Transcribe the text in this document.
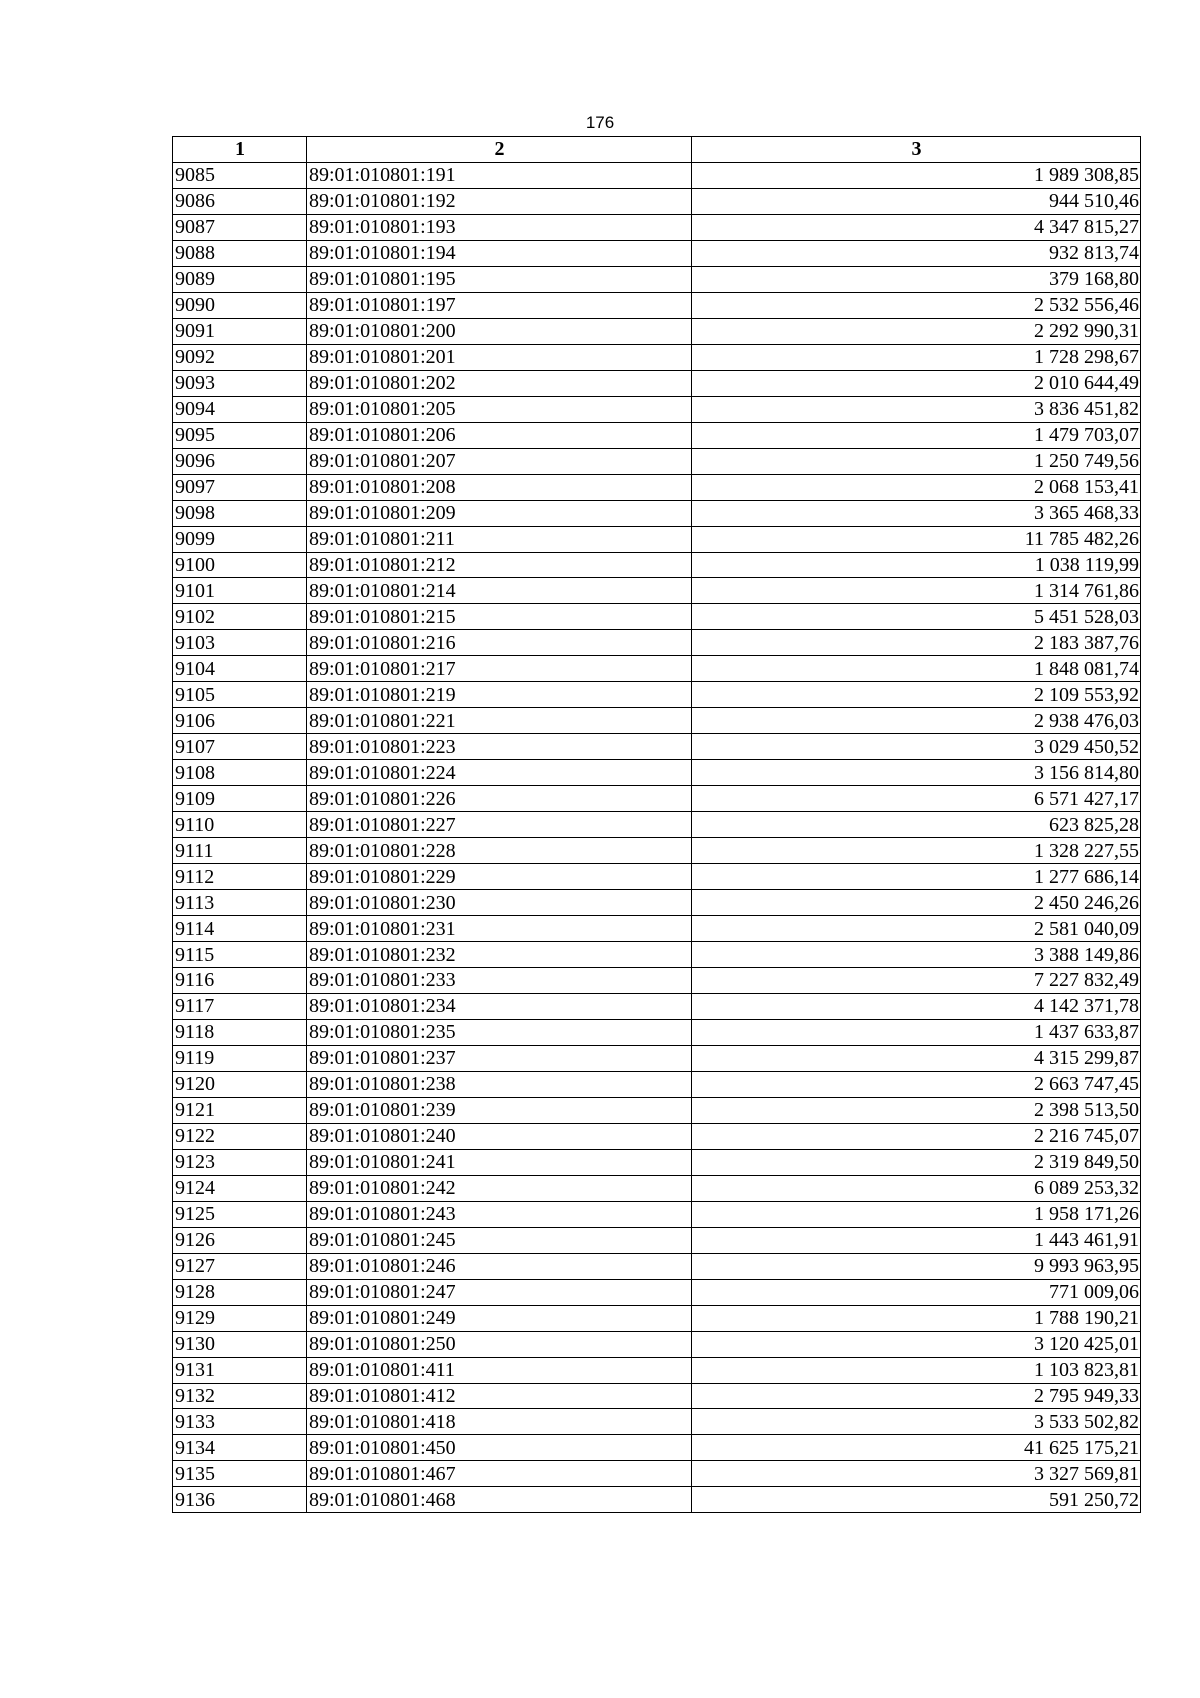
176
1	2	3
9085	89:01:010801:191	1 989 308,85
9086	89:01:010801:192	944 510,46
9087	89:01:010801:193	4 347 815,27
9088	89:01:010801:194	932 813,74
9089	89:01:010801:195	379 168,80
9090	89:01:010801:197	2 532 556,46
9091	89:01:010801:200	2 292 990,31
9092	89:01:010801:201	1 728 298,67
9093	89:01:010801:202	2 010 644,49
9094	89:01:010801:205	3 836 451,82
9095	89:01:010801:206	1 479 703,07
9096	89:01:010801:207	1 250 749,56
9097	89:01:010801:208	2 068 153,41
9098	89:01:010801:209	3 365 468,33
9099	89:01:010801:211	11 785 482,26
9100	89:01:010801:212	1 038 119,99
9101	89:01:010801:214	1 314 761,86
9102	89:01:010801:215	5 451 528,03
9103	89:01:010801:216	2 183 387,76
9104	89:01:010801:217	1 848 081,74
9105	89:01:010801:219	2 109 553,92
9106	89:01:010801:221	2 938 476,03
9107	89:01:010801:223	3 029 450,52
9108	89:01:010801:224	3 156 814,80
9109	89:01:010801:226	6 571 427,17
9110	89:01:010801:227	623 825,28
9111	89:01:010801:228	1 328 227,55
9112	89:01:010801:229	1 277 686,14
9113	89:01:010801:230	2 450 246,26
9114	89:01:010801:231	2 581 040,09
9115	89:01:010801:232	3 388 149,86
9116	89:01:010801:233	7 227 832,49
9117	89:01:010801:234	4 142 371,78
9118	89:01:010801:235	1 437 633,87
9119	89:01:010801:237	4 315 299,87
9120	89:01:010801:238	2 663 747,45
9121	89:01:010801:239	2 398 513,50
9122	89:01:010801:240	2 216 745,07
9123	89:01:010801:241	2 319 849,50
9124	89:01:010801:242	6 089 253,32
9125	89:01:010801:243	1 958 171,26
9126	89:01:010801:245	1 443 461,91
9127	89:01:010801:246	9 993 963,95
9128	89:01:010801:247	771 009,06
9129	89:01:010801:249	1 788 190,21
9130	89:01:010801:250	3 120 425,01
9131	89:01:010801:411	1 103 823,81
9132	89:01:010801:412	2 795 949,33
9133	89:01:010801:418	3 533 502,82
9134	89:01:010801:450	41 625 175,21
9135	89:01:010801:467	3 327 569,81
9136	89:01:010801:468	591 250,72
